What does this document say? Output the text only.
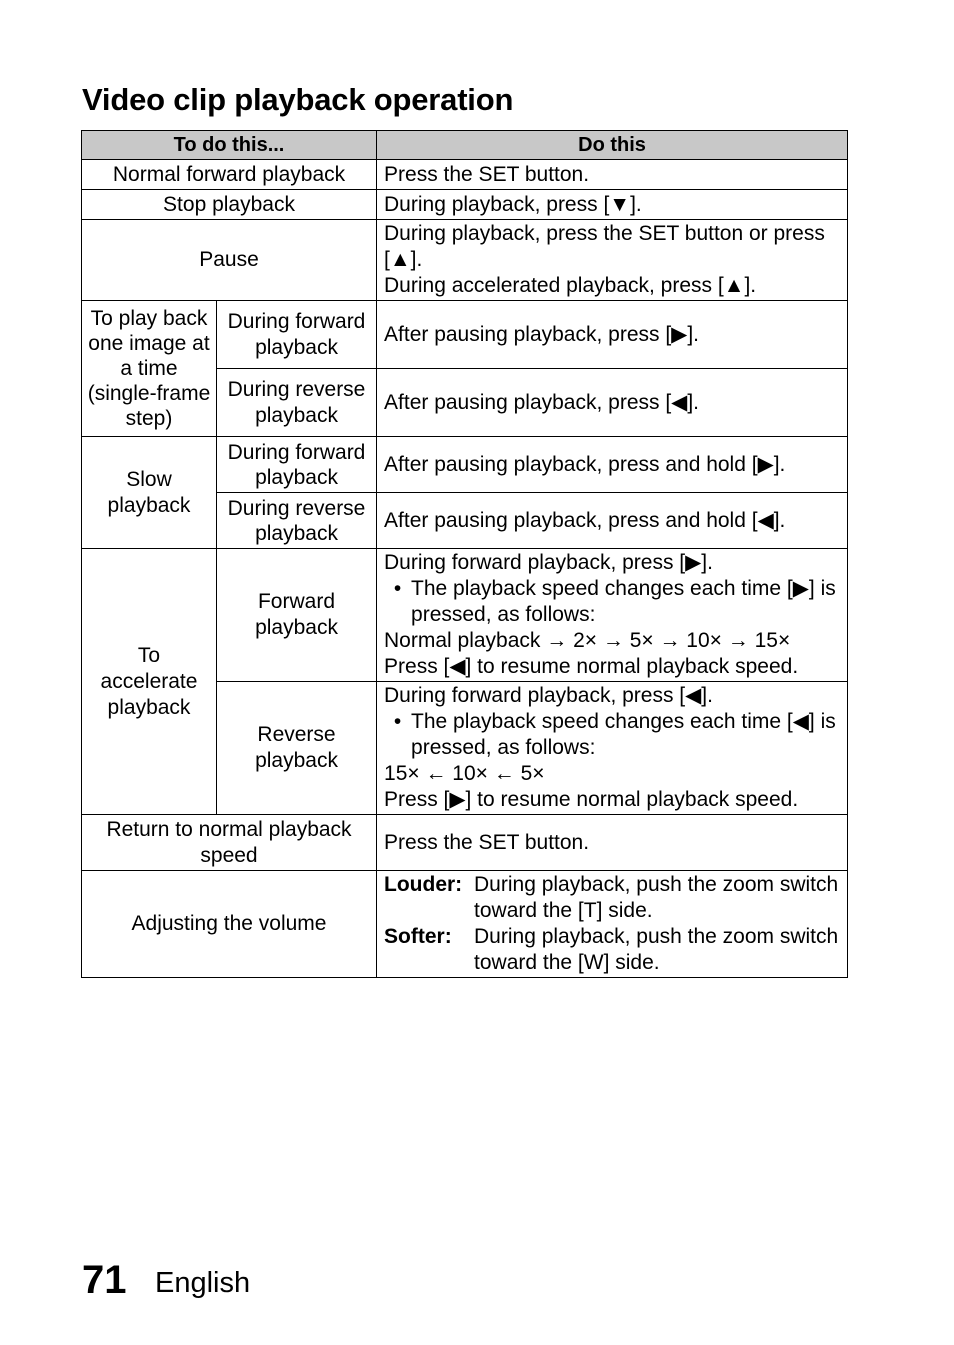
Video clip playback operation
To do this...		Do this
Normal forward playback		Press the SET button.
Stop playback		During playback, press [▼].
Pause		During playback, press the SET button or press [▲].
During accelerated playback, press [▲].

To play back one image at a time (single-frame step)	During forward playback	After pausing playback, press [▶].
	During reverse playback	After pausing playback, press [◀].
Slow playback	During forward playback	After pausing playback, press and hold [▶].
	During reverse playback	After pausing playback, press and hold [◀].
To accelerate playback	Forward playback	During forward playback, press [▶].
• The playback speed changes each time [▶] is pressed, as follows:
Normal playback → 2× → 5× → 10× → 15×
Press [◀] to resume normal playback speed.

	Reverse playback	During forward playback, press [◀].
• The playback speed changes each time [◀] is pressed, as follows:
15× ← 10× ← 5×
Press [▶] to resume normal playback speed.

Return to normal playback speed		Press the SET button.
Adjusting the volume		Louder: During playback, push the zoom switch toward the [T] side.
Softer: During playback, push the zoom switch toward the [W] side.
71 English
